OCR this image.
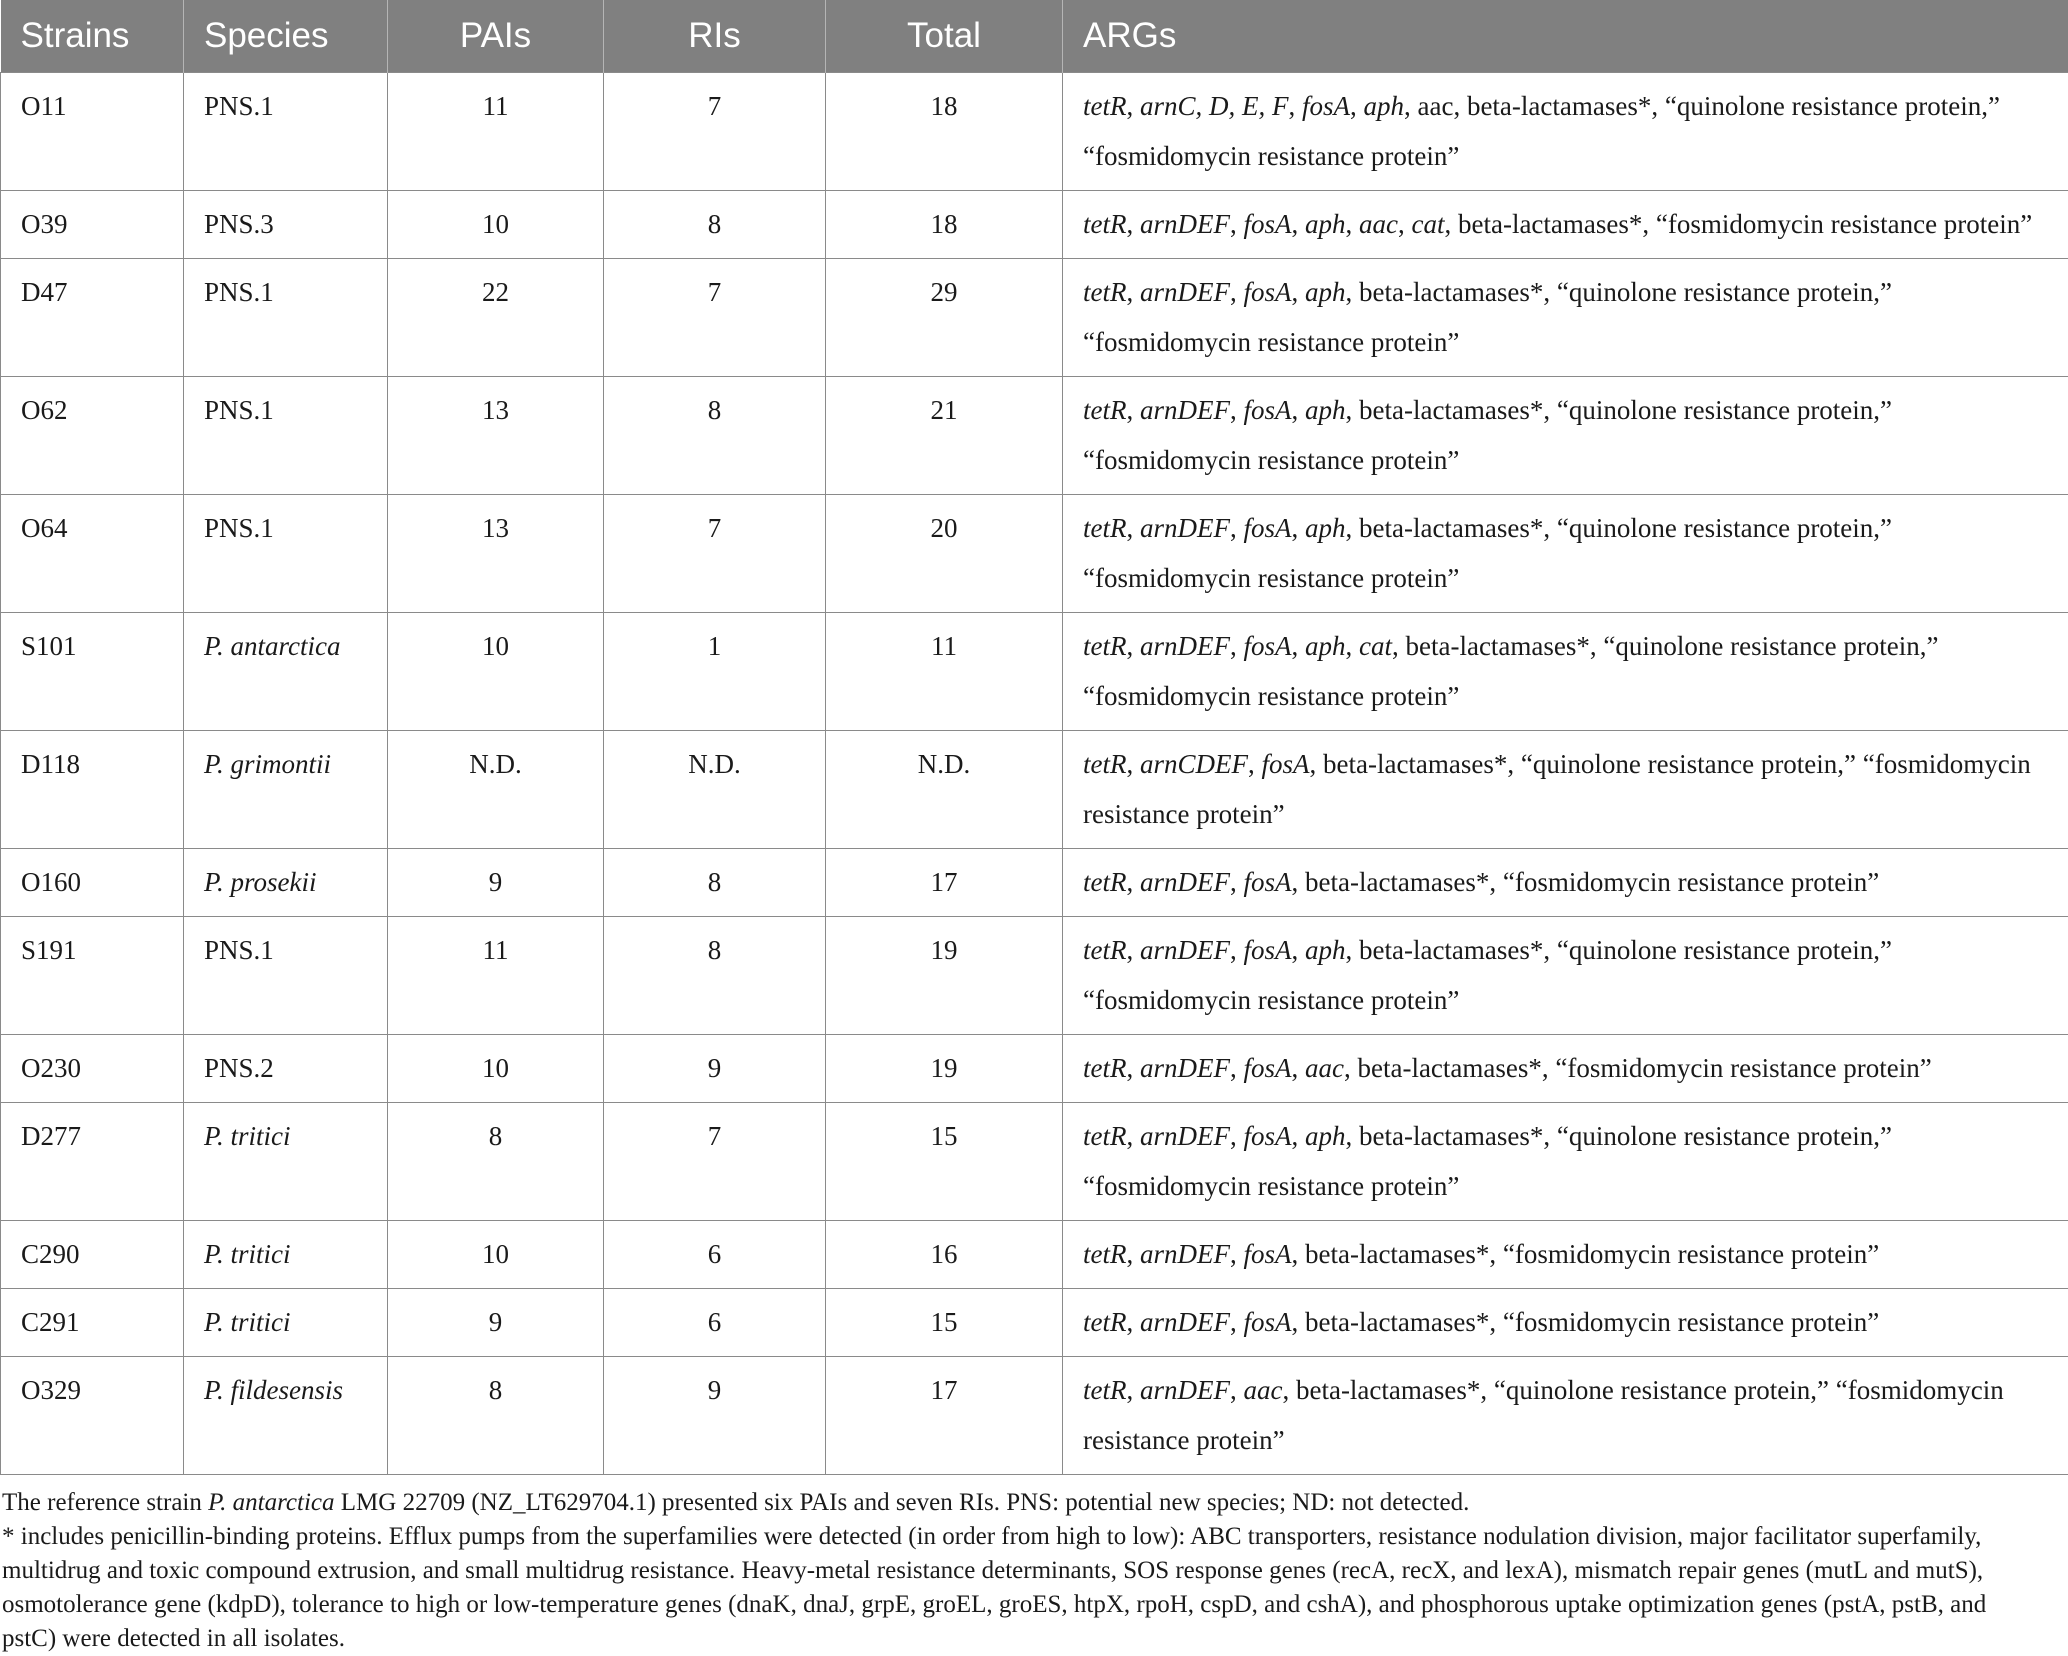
Strains	Species	PAIs	RIs	Total	ARGs
O11	PNS.1	11	7	18	tetR, arnC, D, E, F, fosA, aph, aac, beta-lactamases*, “quinolone resistance protein,” “fosmidomycin resistance protein”
O39	PNS.3	10	8	18	tetR, arnDEF, fosA, aph, aac, cat, beta-lactamases*, “fosmidomycin resistance protein”
D47	PNS.1	22	7	29	tetR, arnDEF, fosA, aph, beta-lactamases*, “quinolone resistance protein,” “fosmidomycin resistance protein”
O62	PNS.1	13	8	21	tetR, arnDEF, fosA, aph, beta-lactamases*, “quinolone resistance protein,” “fosmidomycin resistance protein”
O64	PNS.1	13	7	20	tetR, arnDEF, fosA, aph, beta-lactamases*, “quinolone resistance protein,” “fosmidomycin resistance protein”
S101	P. antarctica	10	1	11	tetR, arnDEF, fosA, aph, cat, beta-lactamases*, “quinolone resistance protein,” “fosmidomycin resistance protein”
D118	P. grimontii	N.D.	N.D.	N.D.	tetR, arnCDEF, fosA, beta-lactamases*, “quinolone resistance protein,” “fosmidomycin resistance protein”
O160	P. prosekii	9	8	17	tetR, arnDEF, fosA, beta-lactamases*, “fosmidomycin resistance protein”
S191	PNS.1	11	8	19	tetR, arnDEF, fosA, aph, beta-lactamases*, “quinolone resistance protein,” “fosmidomycin resistance protein”
O230	PNS.2	10	9	19	tetR, arnDEF, fosA, aac, beta-lactamases*, “fosmidomycin resistance protein”
D277	P. tritici	8	7	15	tetR, arnDEF, fosA, aph, beta-lactamases*, “quinolone resistance protein,” “fosmidomycin resistance protein”
C290	P. tritici	10	6	16	tetR, arnDEF, fosA, beta-lactamases*, “fosmidomycin resistance protein”
C291	P. tritici	9	6	15	tetR, arnDEF, fosA, beta-lactamases*, “fosmidomycin resistance protein”
O329	P. fildesensis	8	9	17	tetR, arnDEF, aac, beta-lactamases*, “quinolone resistance protein,” “fosmidomycin resistance protein”

The reference strain P. antarctica LMG 22709 (NZ_LT629704.1) presented six PAIs and seven RIs. PNS: potential new species; ND: not detected.

* includes penicillin-binding proteins. Efflux pumps from the superfamilies were detected (in order from high to low): ABC transporters, resistance nodulation division, major facilitator superfamily, multidrug and toxic compound extrusion, and small multidrug resistance. Heavy-metal resistance determinants, SOS response genes (recA, recX, and lexA), mismatch repair genes (mutL and mutS), osmotolerance gene (kdpD), tolerance to high or low-temperature genes (dnaK, dnaJ, grpE, groEL, groES, htpX, rpoH, cspD, and cshA), and phosphorous uptake optimization genes (pstA, pstB, and pstC) were detected in all isolates.
